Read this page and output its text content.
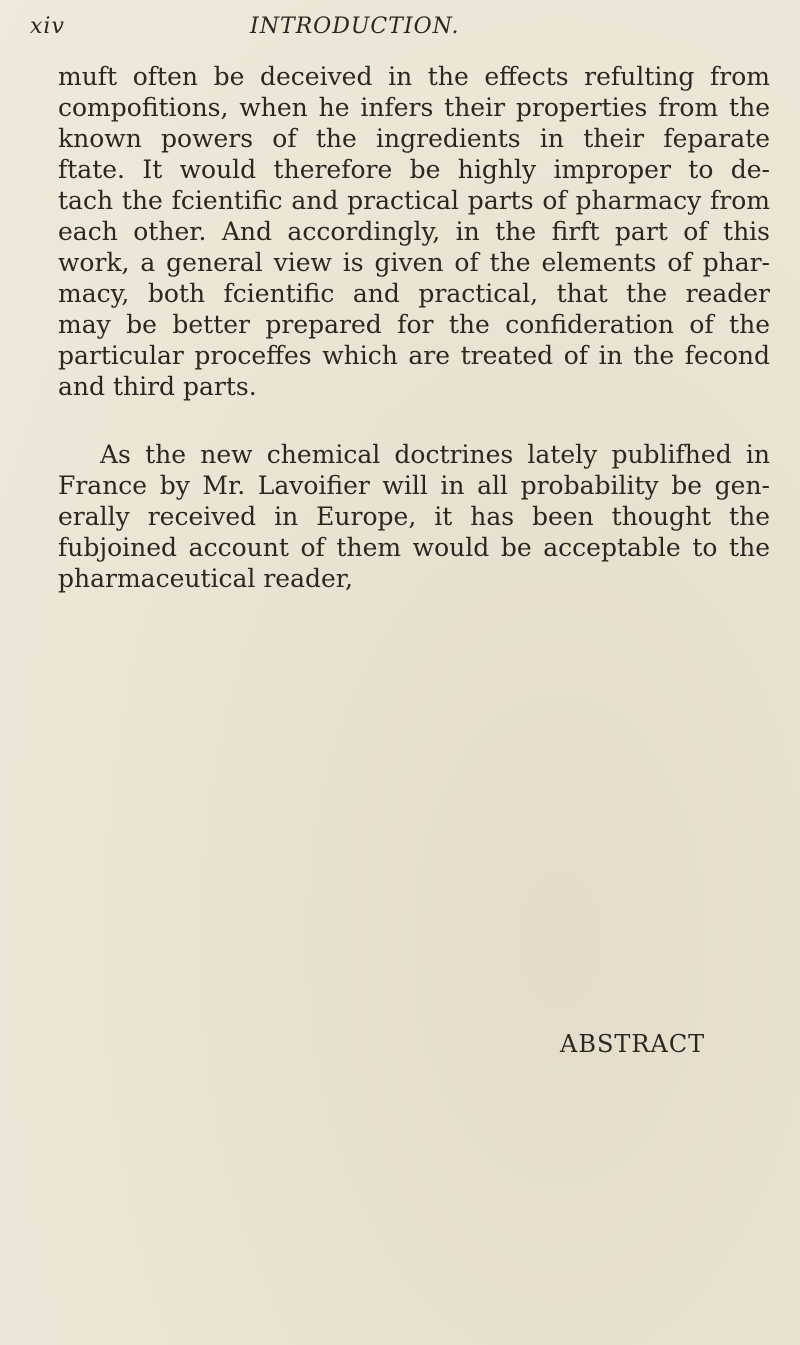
xiv	INTRODUCTION.
muft often be deceived in the effects refulting from
compofitions, when he infers their properties from the
known powers of the ingredients in their feparate
ftate. It would therefore be highly improper to de-
tach the fcientific and practical parts of pharmacy from
each other. And accordingly, in the firft part of this
work, a general view is given of the elements of phar-
macy, both fcientific and practical, that the reader
may be better prepared for the confideration of the
particular proceffes which are treated of in the fecond
and third parts.
As the new chemical doctrines lately publifhed in
France by Mr. Lavoifier will in all probability be gen-
erally received in Europe, it has been thought the
fubjoined account of them would be acceptable to the
pharmaceutical reader,
ABSTRACT
